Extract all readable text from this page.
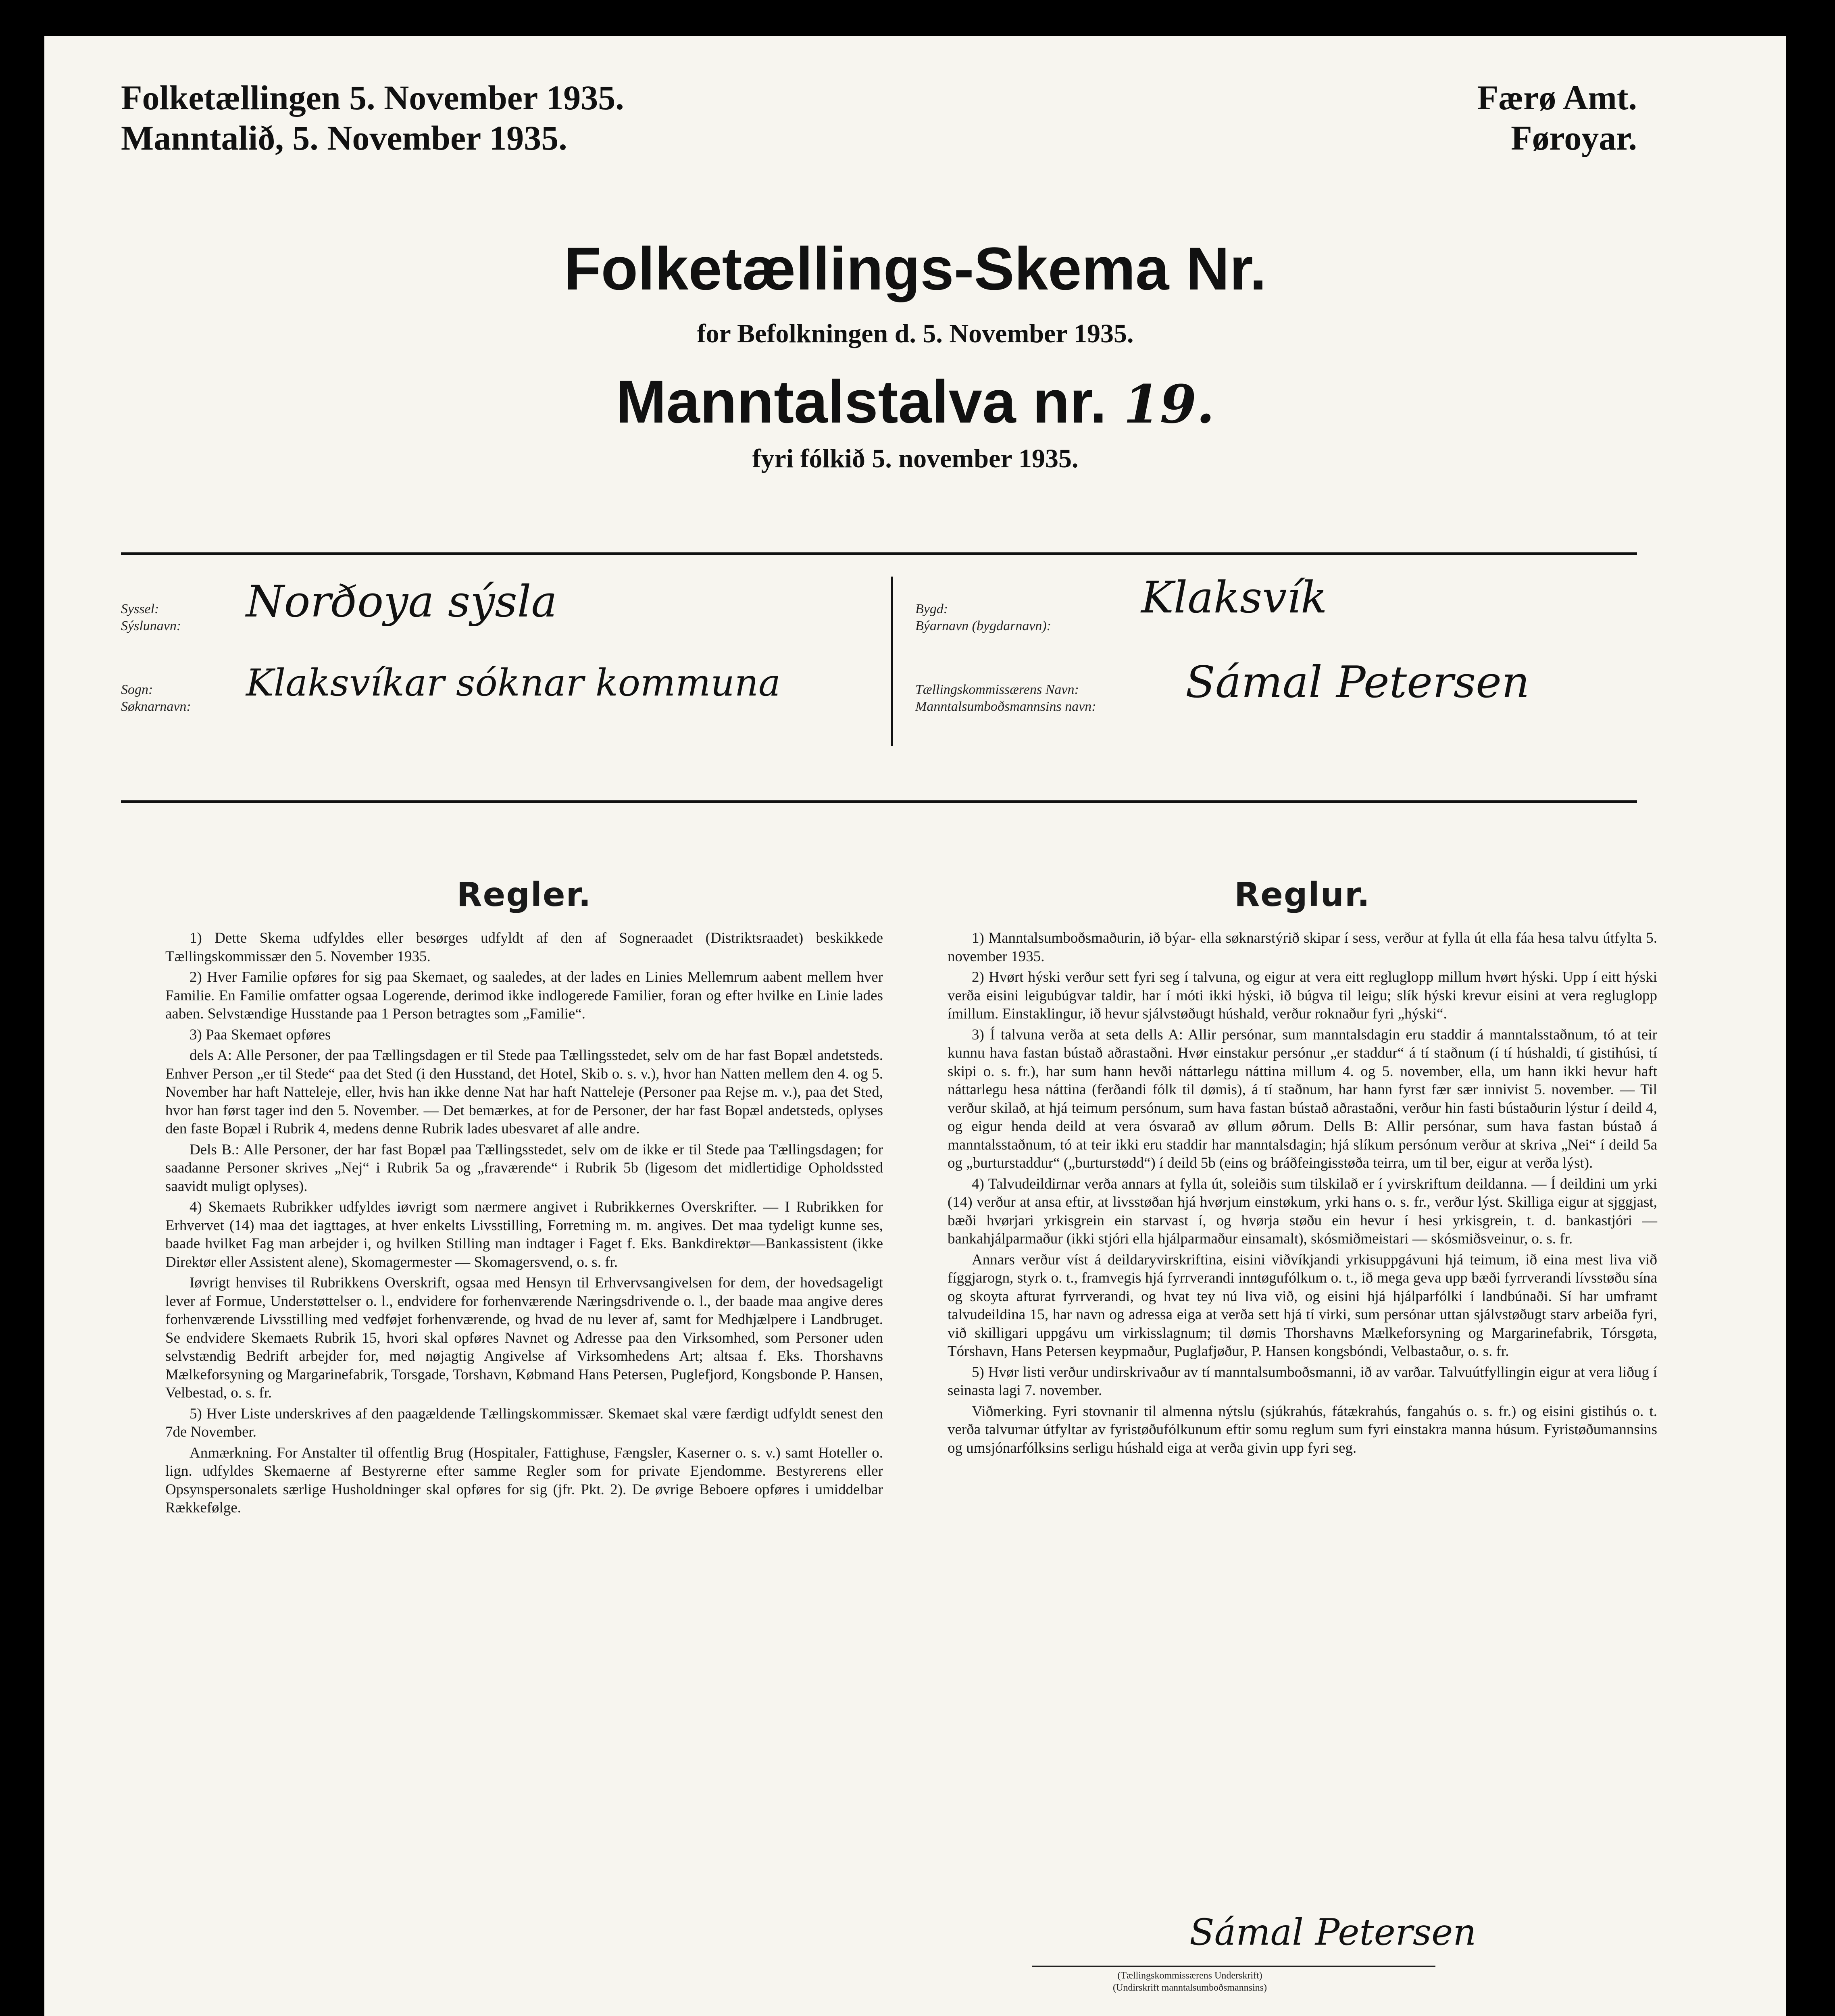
Folketællingen 5. November 1935.
Manntalið, 5. November 1935.
Færø Amt.
Føroyar.
Folketællings-Skema Nr.
for Befolkningen d. 5. November 1935.
Manntalstalva nr. 19.
fyri fólkið 5. november 1935.
Syssel:
Sýslunavn: Norðoya sýsla
Sogn:
Søknarnavn:
Klaksvíkar sóknar kommuna
Bygd:
Býarnavn (bygdarnavn):
Klaksvík
Tællingskommissærens Navn:
Manntalsumboðsmannsins navn: Sámal Petersen
Regler.

1) Dette Skema udfyldes eller besørges udfyldt af den af Sogneraadet (Distriktsraadet) beskikkede Tællingskommissær den 5. November 1935.

2) Hver Familie opføres for sig paa Skemaet, og saaledes, at der lades en Linies Mellemrum aabent mellem hver Familie. En Familie omfatter ogsaa Logerende, derimod ikke indlogerede Familier, foran og efter hvilke en Linie lades aaben. Selvstændige Husstande paa 1 Person betragtes som „Familie“.

3) Paa Skemaet opføres

dels A: Alle Personer, der paa Tællingsdagen er til Stede paa Tællingsstedet, selv om de har fast Bopæl andetsteds. Enhver Person „er til Stede“ paa det Sted (i den Husstand, det Hotel, Skib o. s. v.), hvor han Natten mellem den 4. og 5. November har haft Natteleje, eller, hvis han ikke denne Nat har haft Natteleje (Personer paa Rejse m. v.), paa det Sted, hvor han først tager ind den 5. November. — Det bemærkes, at for de Personer, der har fast Bopæl andetsteds, oplyses den faste Bopæl i Rubrik 4, medens denne Rubrik lades ubesvaret af alle andre.

Dels B.: Alle Personer, der har fast Bopæl paa Tællingsstedet, selv om de ikke er til Stede paa Tællingsdagen; for saadanne Personer skrives „Nej“ i Rubrik 5a og „fraværende“ i Rubrik 5b (ligesom det midlertidige Opholdssted saavidt muligt oplyses).

4) Skemaets Rubrikker udfyldes iøvrigt som nærmere angivet i Rubrikkernes Overskrifter. — I Rubrikken for Erhvervet (14) maa det iagttages, at hver enkelts Livsstilling, Forretning m. m. angives. Det maa tydeligt kunne ses, baade hvilket Fag man arbejder i, og hvilken Stilling man indtager i Faget f. Eks. Bankdirektør—Bankassistent (ikke Direktør eller Assistent alene), Skomagermester — Skomagersvend, o. s. fr.

Iøvrigt henvises til Rubrikkens Overskrift, ogsaa med Hensyn til Erhvervsangivelsen for dem, der hovedsageligt lever af Formue, Understøttelser o. l., endvidere for forhenværende Næringsdrivende o. l., der baade maa angive deres forhenværende Livsstilling med vedføjet forhenværende, og hvad de nu lever af, samt for Medhjælpere i Landbruget. Se endvidere Skemaets Rubrik 15, hvori skal opføres Navnet og Adresse paa den Virksomhed, som Personer uden selvstændig Bedrift arbejder for, med nøjagtig Angivelse af Virksomhedens Art; altsaa f. Eks. Thorshavns Mælkeforsyning og Margarinefabrik, Torsgade, Torshavn, Købmand Hans Petersen, Puglefjord, Kongsbonde P. Hansen, Velbestad, o. s. fr.

5) Hver Liste underskrives af den paagældende Tællingskommissær. Skemaet skal være færdigt udfyldt senest den 7de November.

Anmærkning. For Anstalter til offentlig Brug (Hospitaler, Fattighuse, Fængsler, Kaserner o. s. v.) samt Hoteller o. lign. udfyldes Skemaerne af Bestyrerne efter samme Regler som for private Ejendomme. Bestyrerens eller Opsynspersonalets særlige Husholdninger skal opføres for sig (jfr. Pkt. 2). De øvrige Beboere opføres i umiddelbar Rækkefølge.

Reglur.

1) Manntalsumboðsmaðurin, ið býar- ella søknarstýrið skipar í sess, verður at fylla út ella fáa hesa talvu útfylta 5. november 1935.

2) Hvørt hýski verður sett fyri seg í talvuna, og eigur at vera eitt regluglopp millum hvørt hýski. Upp í eitt hýski verða eisini leigubúgvar taldir, har í móti ikki hýski, ið búgva til leigu; slík hýski krevur eisini at vera regluglopp ímillum. Einstaklingur, ið hevur sjálvstøðugt húshald, verður roknaður fyri „hýski“.

3) Í talvuna verða at seta dells A: Allir persónar, sum manntalsdagin eru staddir á manntalsstaðnum, tó at teir kunnu hava fastan bústað aðrastaðni. Hvør einstakur persónur „er staddur“ á tí staðnum (í tí húshaldi, tí gistihúsi, tí skipi o. s. fr.), har sum hann hevði náttarlegu náttina millum 4. og 5. november, ella, um hann ikki hevur haft náttarlegu hesa náttina (ferðandi fólk til dømis), á tí staðnum, har hann fyrst fær sær innivist 5. november. — Til verður skilað, at hjá teimum persónum, sum hava fastan bústað aðrastaðni, verður hin fasti bústaðurin lýstur í deild 4, og eigur henda deild at vera ósvarað av øllum øðrum. Dells B: Allir persónar, sum hava fastan bústað á manntalsstaðnum, tó at teir ikki eru staddir har manntalsdagin; hjá slíkum persónum verður at skriva „Nei“ í deild 5a og „burturstaddur“ („burturstødd“) í deild 5b (eins og bráðfeingisstøða teirra, um til ber, eigur at verða lýst).

4) Talvudeildirnar verða annars at fylla út, soleiðis sum tilskilað er í yvirskriftum deildanna. — Í deildini um yrki (14) verður at ansa eftir, at livsstøðan hjá hvørjum einstøkum, yrki hans o. s. fr., verður lýst. Skilliga eigur at sjggjast, bæði hvørjari yrkisgrein ein starvast í, og hvørja støðu ein hevur í hesi yrkisgrein, t. d. bankastjóri — bankahjálparmaður (ikki stjóri ella hjálparmaður einsamalt), skósmiðmeistari — skósmiðsveinur, o. s. fr.

Annars verður víst á deildaryvirskriftina, eisini viðvíkjandi yrkisuppgávuni hjá teimum, ið eina mest liva við fíggjarogn, styrk o. t., framvegis hjá fyrrverandi inntøgufólkum o. t., ið mega geva upp bæði fyrrverandi lívsstøðu sína og skoyta afturat fyrrverandi, og hvat tey nú liva við, og eisini hjá hjálparfólki í landbúnaði. Sí har umframt talvudeildina 15, har navn og adressa eiga at verða sett hjá tí virki, sum persónar uttan sjálvstøðugt starv arbeiða fyri, við skilligari uppgávu um virkisslagnum; til dømis Thorshavns Mælkeforsyning og Margarinefabrik, Tórsgøta, Tórshavn, Hans Petersen keypmaður, Puglafjøður, P. Hansen kongsbóndi, Velbastaður, o. s. fr.

5) Hvør listi verður undirskrivaður av tí manntalsumboðsmanni, ið av varðar. Talvuútfyllingin eigur at vera liðug í seinasta lagi 7. november.

Viðmerking. Fyri stovnanir til almenna nýtslu (sjúkrahús, fátækrahús, fangahús o. s. fr.) og eisini gistihús o. t. verða talvurnar útfyltar av fyristøðufólkunum eftir somu reglum sum fyri einstakra manna húsum. Fyristøðumannsins og umsjónarfólksins serligu húshald eiga at verða givin upp fyri seg.

Sámal Petersen
(Tællingskommissærens Underskrift)
(Undirskrift manntalsumboðsmannsins)
